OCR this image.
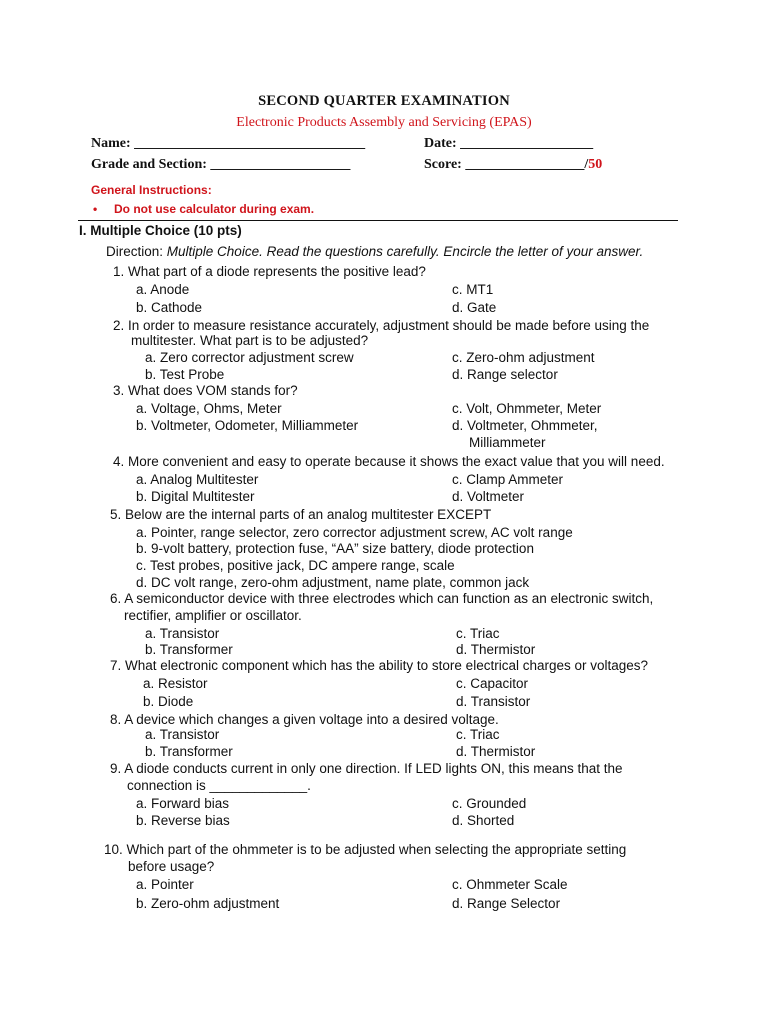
SECOND QUARTER EXAMINATION
Electronic Products Assembly and Servicing (EPAS)
Name: _________________________________	Date: ___________________
Grade and Section: ____________________	Score: _________________/50
General Instructions:
• Do not use calculator during exam.
I. Multiple Choice (10 pts)
Direction: Multiple Choice. Read the questions carefully. Encircle the letter of your answer.
1. What part of a diode represents the positive lead?
a. Anode	c. MT1
b. Cathode	d. Gate
2. In order to measure resistance accurately, adjustment should be made before using the
multitester. What part is to be adjusted?
a. Zero corrector adjustment screw	c. Zero-ohm adjustment
b. Test Probe	d. Range selector
3. What does VOM stands for?
a. Voltage, Ohms, Meter	c. Volt, Ohmmeter, Meter
b. Voltmeter, Odometer, Milliammeter	d. Voltmeter, Ohmmeter,
Milliammeter
4. More convenient and easy to operate because it shows the exact value that you will need.
a. Analog Multitester	c. Clamp Ammeter
b. Digital Multitester	d. Voltmeter
5. Below are the internal parts of an analog multitester EXCEPT
a. Pointer, range selector, zero corrector adjustment screw, AC volt range
b. 9-volt battery, protection fuse, “AA” size battery, diode protection
c. Test probes, positive jack, DC ampere range, scale
d. DC volt range, zero-ohm adjustment, name plate, common jack
6. A semiconductor device with three electrodes which can function as an electronic switch,
rectifier, amplifier or oscillator.
a. Transistor	c. Triac
b. Transformer	d. Thermistor
7. What electronic component which has the ability to store electrical charges or voltages?
a. Resistor	c. Capacitor
b. Diode	d. Transistor
8. A device which changes a given voltage into a desired voltage.
a. Transistor	c. Triac
b. Transformer	d. Thermistor
9. A diode conducts current in only one direction. If LED lights ON, this means that the
connection is _____________.
a. Forward bias	c. Grounded
b. Reverse bias	d. Shorted
10. Which part of the ohmmeter is to be adjusted when selecting the appropriate setting
before usage?
a. Pointer	c. Ohmmeter Scale
b. Zero-ohm adjustment	d. Range Selector
